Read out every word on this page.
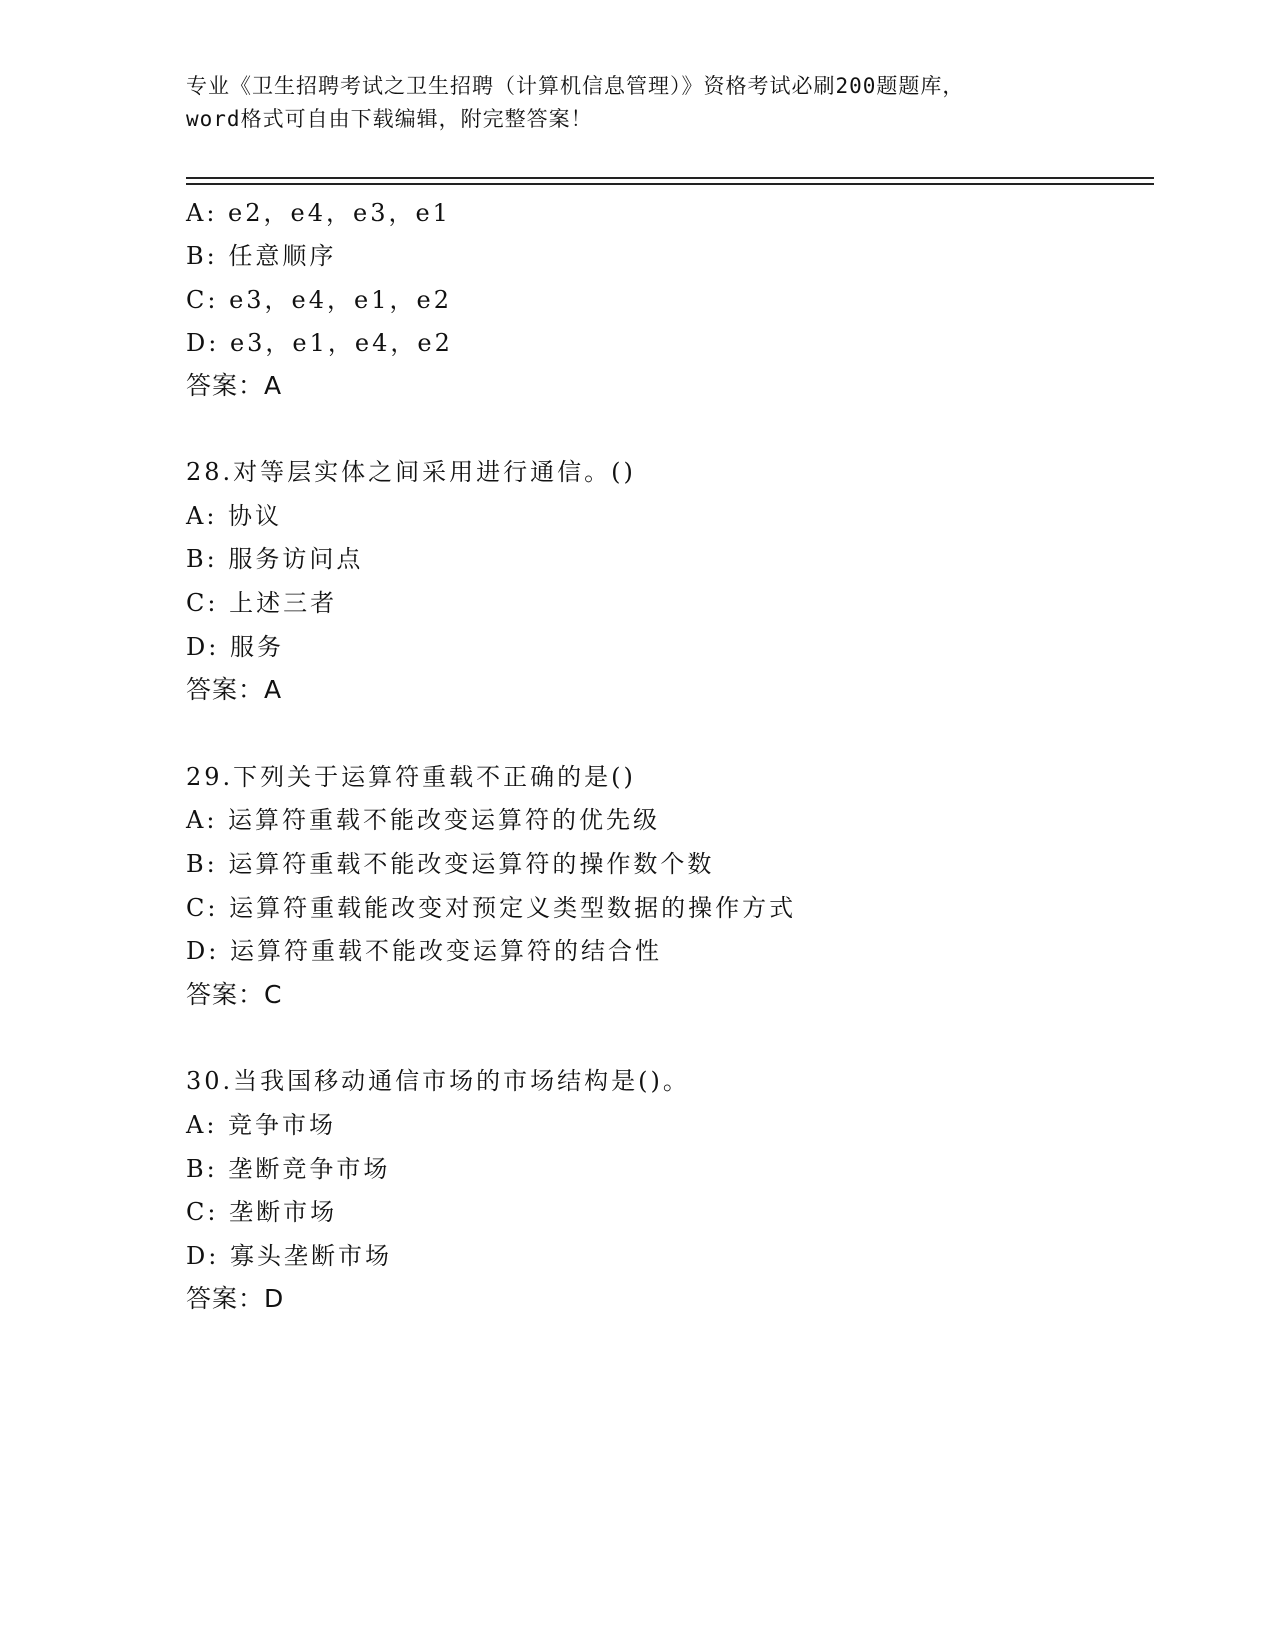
专业《卫生招聘考试之卫生招聘（计算机信息管理）》资格考试必刷200题题库，
word格式可自由下载编辑，附完整答案！
A: e2，e4，e3，e1
B: 任意顺序
C: e3，e4，e1，e2
D: e3，e1，e4，e2
答案：A
28.对等层实体之间采用进行通信。()
A: 协议
B: 服务访问点
C: 上述三者
D: 服务
答案：A
29.下列关于运算符重载不正确的是()
A: 运算符重载不能改变运算符的优先级
B: 运算符重载不能改变运算符的操作数个数
C: 运算符重载能改变对预定义类型数据的操作方式
D: 运算符重载不能改变运算符的结合性
答案：C
30.当我国移动通信市场的市场结构是()。
A: 竞争市场
B: 垄断竞争市场
C: 垄断市场
D: 寡头垄断市场
答案：D
